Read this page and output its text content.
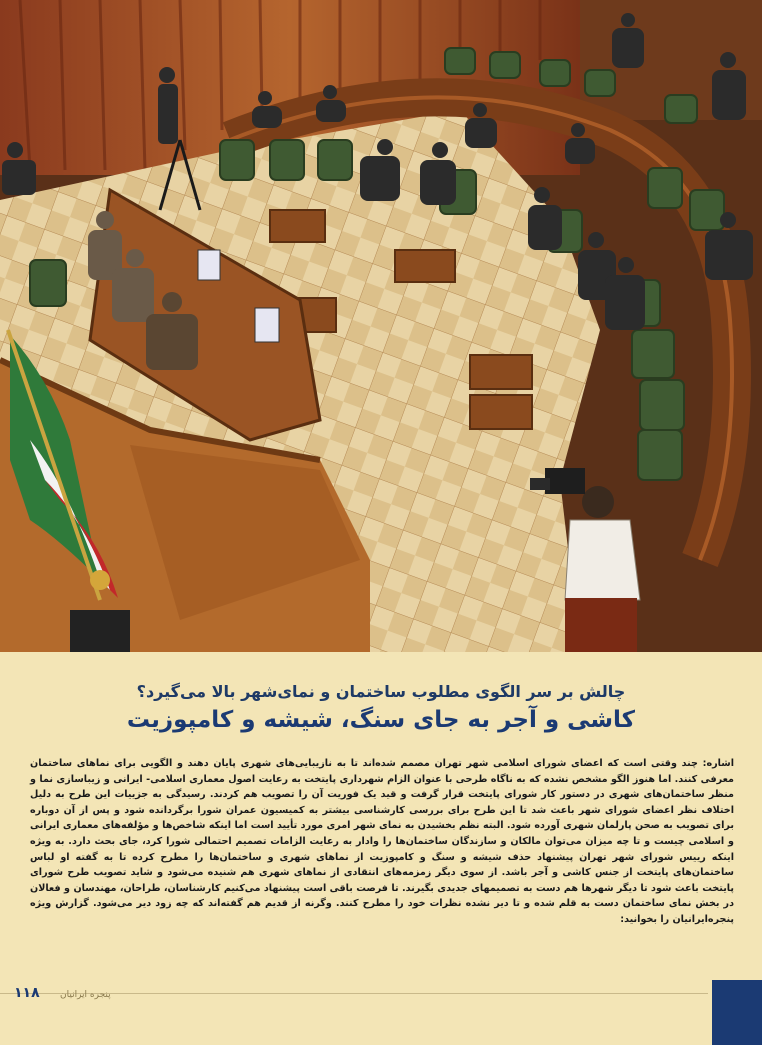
چالش بر سر الگوی مطلوب ساختمان و نمای‌شهر بالا می‌گیرد؟
کاشی و آجر به جای سنگ، شیشه و کامپوزیت
اشاره: چند وقتی است که اعضای شورای اسلامی شهر تهران مصمم شده‌اند تا به نازیبایی‌های شهری پایان دهند و الگویی برای نماهای ساختمان معرفی کنند. اما هنوز الگو مشخص نشده که به ناگاه طرحی با عنوان الزام شهرداری پایتخت به رعایت اصول معماری اسلامی- ایرانی و زیباسازی نما و منظر ساختمان‌های شهری در دستور کار شورای پایتخت قرار گرفت و قید یک فوریت آن را تصویب هم کردند. رسیدگی به جزییات این طرح به دلیل اختلاف نظر اعضای شورای شهر باعث شد تا این طرح برای بررسی کارشناسی بیشتر به کمیسیون عمران شورا برگردانده شود و پس از آن دوباره برای تصویب به صحن پارلمان شهری آورده شود. البته نظم بخشیدن به نمای شهر امری مورد تأیید است اما اینکه شاخص‌ها و مؤلفه‌های معماری ایرانی و اسلامی چیست و تا چه میزان می‌توان مالکان و سازندگان ساختمان‌ها را وادار به رعایت الزامات تصمیم احتمالی شورا کرد، جای بحث دارد. به ویژه اینکه رییس شورای شهر تهران پیشنهاد حذف شیشه و سنگ و کامپوزیت از نماهای شهری و ساختمان‌ها را مطرح کرده تا به گفته او لباس ساختمان‌های پایتخت از جنس کاشی و آجر باشد. از سوی دیگر زمزمه‌های انتقادی از نماهای شهری هم شنیده می‌شود و شاید تصویب طرح شورای پایتخت باعث شود تا دیگر شهرها هم دست به تصمیمهای جدیدی بگیرند. تا فرصت باقی است پیشنهاد می‌کنیم کارشناسان، طراحان، مهندسان و فعالان در بخش نمای ساختمان دست به قلم شده و تا دیر نشده نظرات خود را مطرح کنند. وگرنه از قدیم هم گفته‌اند که چه زود دیر می‌شود. گزارش ویژه پنجره‌ایرانیان را بخوانید:
۱۱۸ پنجره ایرانیان
